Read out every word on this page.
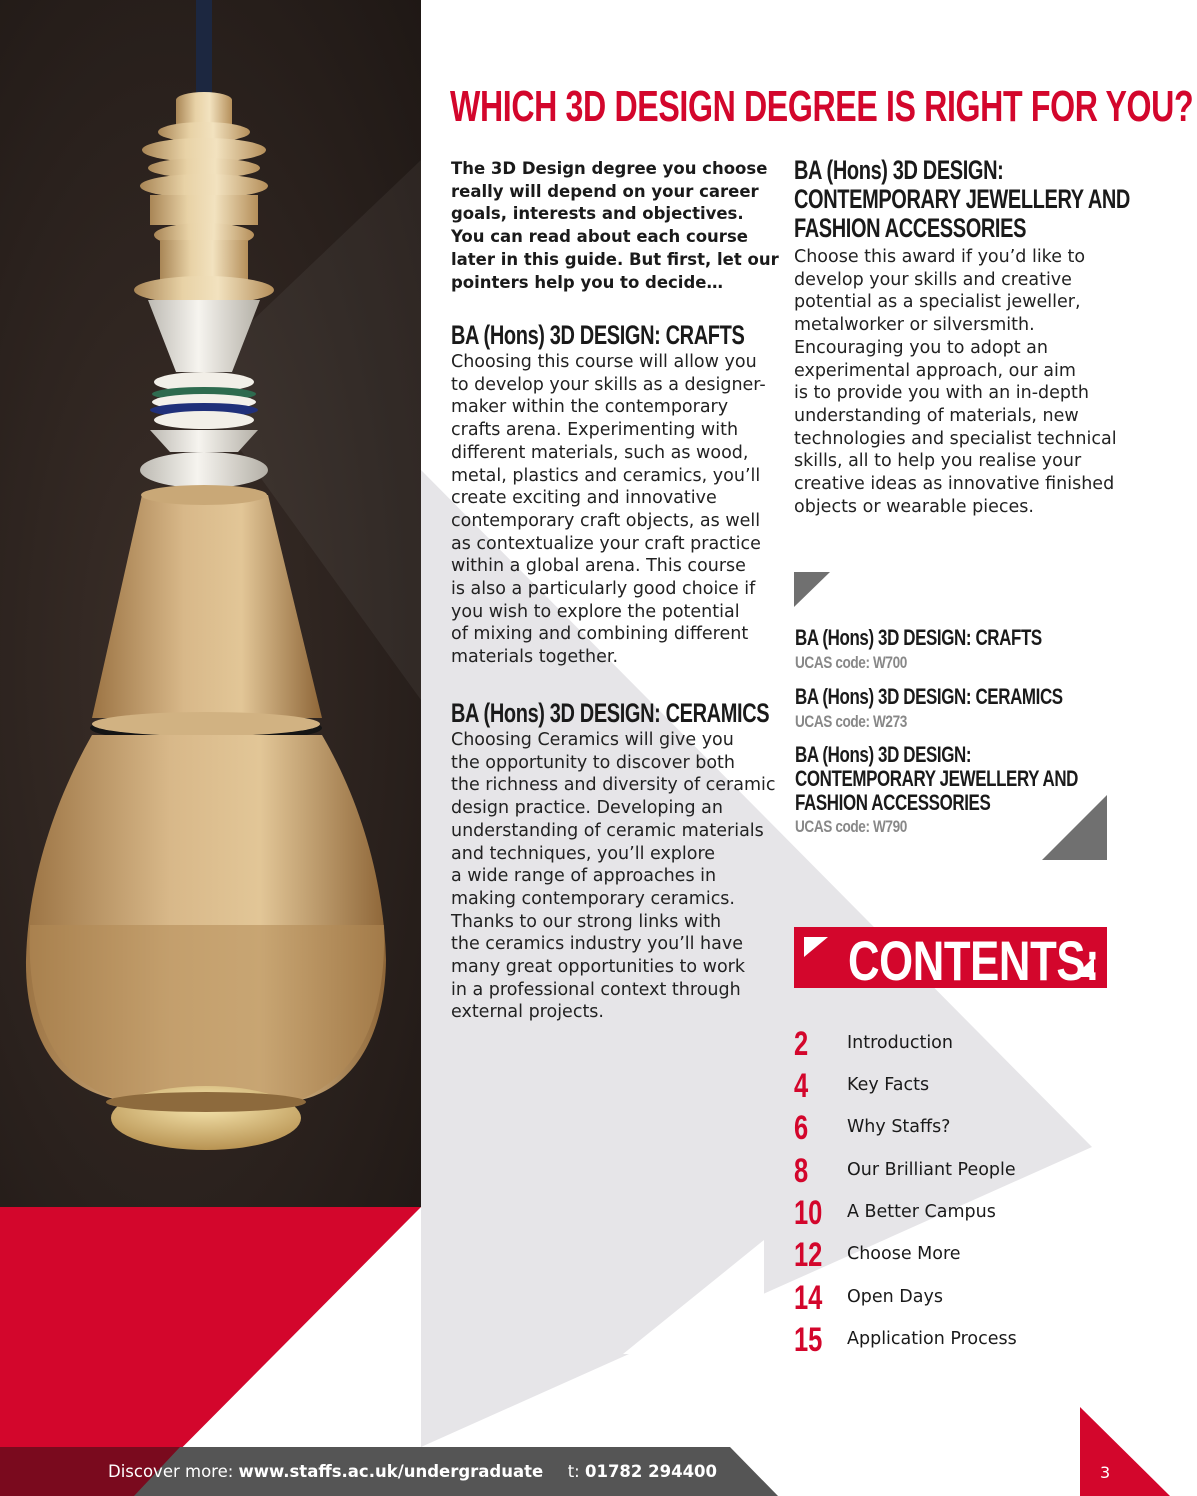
WHICH 3D DESIGN DEGREE IS RIGHT FOR YOU?
The 3D Design degree you choose
really will depend on your career
goals, interests and objectives.
You can read about each course
later in this guide. But first, let our
pointers help you to decide…
BA (Hons) 3D DESIGN: CRAFTS
Choosing this course will allow you
to develop your skills as a designer-
maker within the contemporary
crafts arena. Experimenting with
different materials, such as wood,
metal, plastics and ceramics, you’ll
create exciting and innovative
contemporary craft objects, as well
as contextualize your craft practice
within a global arena. This course
is also a particularly good choice if
you wish to explore the potential
of mixing and combining different
materials together.
BA (Hons) 3D DESIGN: CERAMICS
Choosing Ceramics will give you
the opportunity to discover both
the richness and diversity of ceramic
design practice. Developing an
understanding of ceramic materials
and techniques, you’ll explore
a wide range of approaches in
making contemporary ceramics.
Thanks to our strong links with
the ceramics industry you’ll have
many great opportunities to work
in a professional context through
external projects.
BA (Hons) 3D DESIGN:
CONTEMPORARY JEWELLERY AND
FASHION ACCESSORIES
Choose this award if you’d like to
develop your skills and creative
potential as a specialist jeweller,
metalworker or silversmith.
Encouraging you to adopt an
experimental approach, our aim
is to provide you with an in-depth
understanding of materials, new
technologies and specialist technical
skills, all to help you realise your
creative ideas as innovative finished
objects or wearable pieces.
BA (Hons) 3D DESIGN: CRAFTS
UCAS code: W700
BA (Hons) 3D DESIGN: CERAMICS
UCAS code: W273
BA (Hons) 3D DESIGN:
CONTEMPORARY JEWELLERY AND
FASHION ACCESSORIES
UCAS code: W790
CONTENTS:
2 Introduction
4 Key Facts
6 Why Staffs?
8 Our Brilliant People
10 A Better Campus
12 Choose More
14 Open Days
15 Application Process
Discover more: www.staffs.ac.uk/undergraduate t: 01782 294400	3
